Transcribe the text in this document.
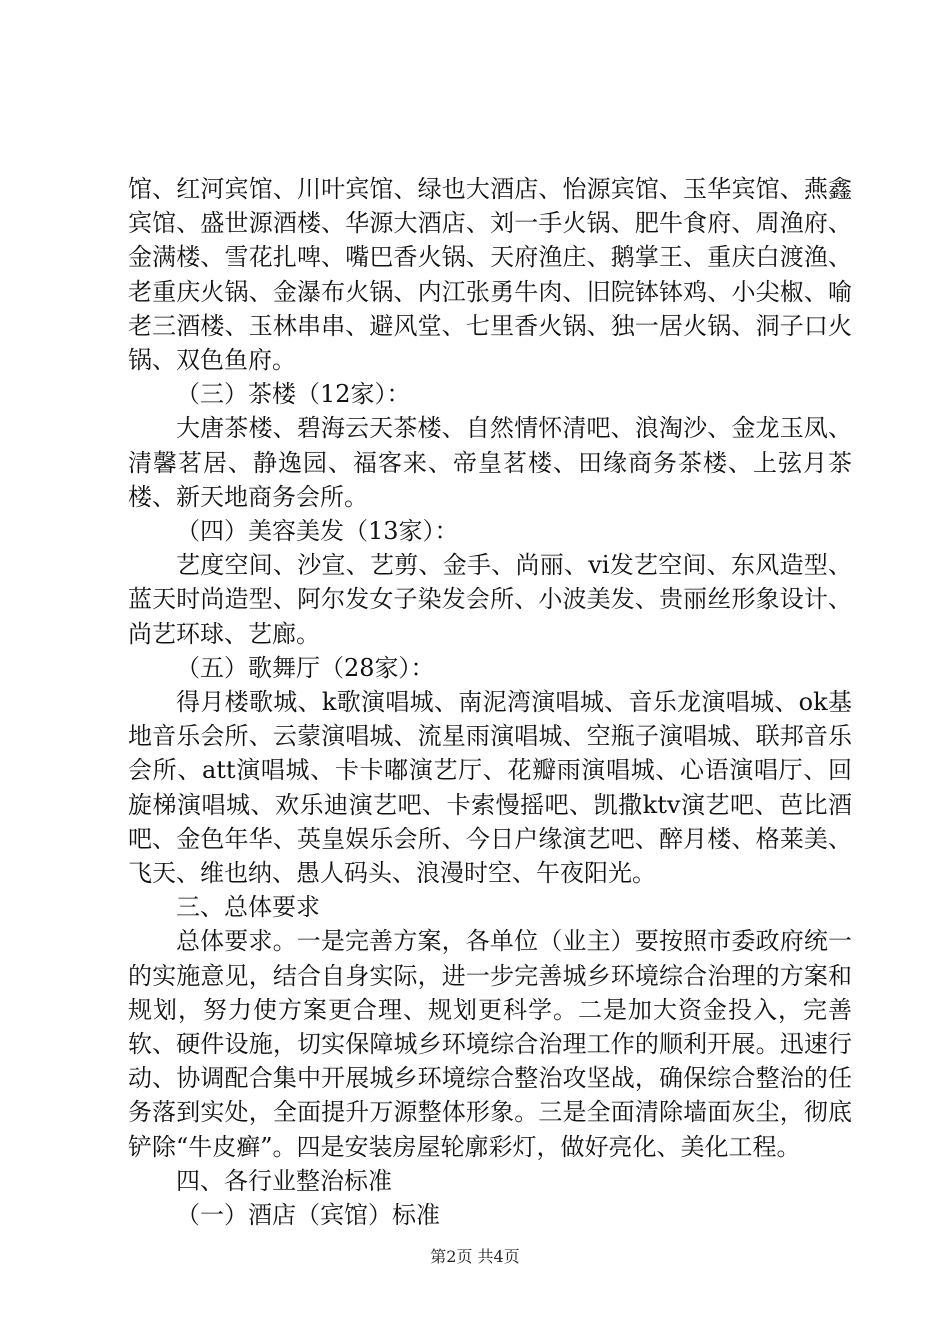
馆、红河宾馆、川叶宾馆、绿也大酒店、怡源宾馆、玉华宾馆、燕鑫宾馆、盛世源酒楼、华源大酒店、刘一手火锅、肥牛食府、周渔府、金满楼、雪花扎啤、嘴巴香火锅、天府渔庄、鹅掌王、重庆白渡渔、老重庆火锅、金瀑布火锅、内江张勇牛肉、旧院钵钵鸡、小尖椒、喻老三酒楼、玉林串串、避风堂、七里香火锅、独一居火锅、洞子口火锅、双色鱼府。

（三）茶楼（12家）：

大唐茶楼、碧海云天茶楼、自然情怀清吧、浪淘沙、金龙玉凤、清馨茗居、静逸园、福客来、帝皇茗楼、田缘商务茶楼、上弦月茶楼、新天地商务会所。

（四）美容美发（13家）：

艺度空间、沙宣、艺剪、金手、尚丽、vi发艺空间、东风造型、蓝天时尚造型、阿尔发女子染发会所、小波美发、贵丽丝形象设计、尚艺环球、艺廊。

（五）歌舞厅（28家）：

得月楼歌城、k歌演唱城、南泥湾演唱城、音乐龙演唱城、ok基地音乐会所、云蒙演唱城、流星雨演唱城、空瓶子演唱城、联邦音乐会所、att演唱城、卡卡嘟演艺厅、花瓣雨演唱城、心语演唱厅、回旋梯演唱城、欢乐迪演艺吧、卡索慢摇吧、凯撒ktv演艺吧、芭比酒吧、金色年华、英皇娱乐会所、今日户缘演艺吧、醉月楼、格莱美、飞天、维也纳、愚人码头、浪漫时空、午夜阳光。

三、总体要求

总体要求。一是完善方案，各单位（业主）要按照市委政府统一的实施意见，结合自身实际，进一步完善城乡环境综合治理的方案和规划，努力使方案更合理、规划更科学。二是加大资金投入，完善软、硬件设施，切实保障城乡环境综合治理工作的顺利开展。迅速行动、协调配合集中开展城乡环境综合整治攻坚战，确保综合整治的任务落到实处，全面提升万源整体形象。三是全面清除墙面灰尘，彻底铲除“牛皮癣”。四是安装房屋轮廓彩灯，做好亮化、美化工程。

四、各行业整治标准

（一）酒店（宾馆）标准

第2页 共4页
